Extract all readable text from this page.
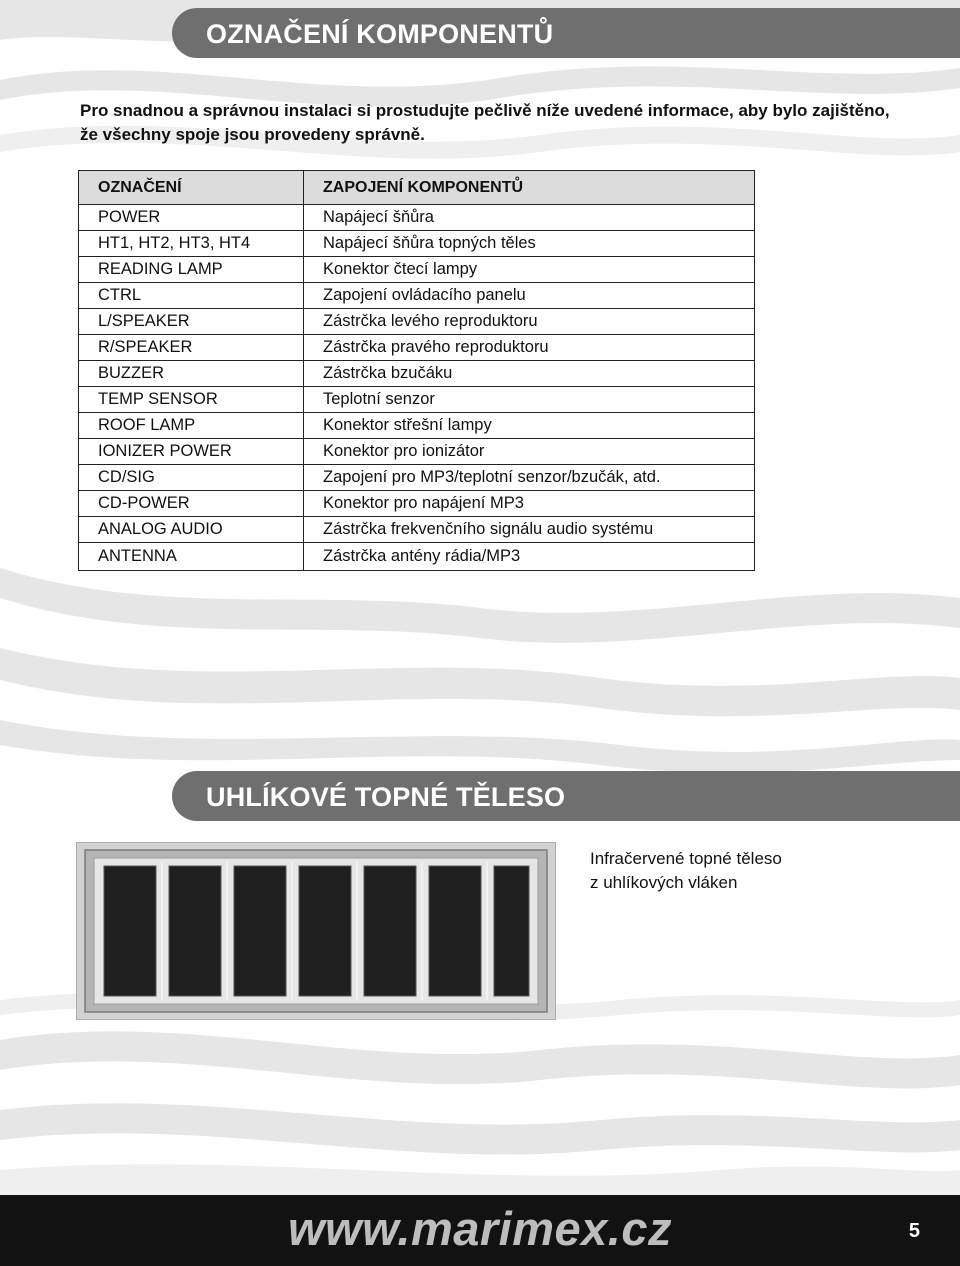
OZNAČENÍ KOMPONENTŮ
Pro snadnou a správnou instalaci si prostudujte pečlivě níže uvedené informace, aby bylo zajištěno, že všechny spoje jsou provedeny správně.
OZNAČENÍ	ZAPOJENÍ KOMPONENTŮ
POWER	Napájecí šňůra
HT1, HT2, HT3, HT4	Napájecí šňůra topných těles
READING LAMP	Konektor čtecí lampy
CTRL	Zapojení ovládacího panelu
L/SPEAKER	Zástrčka levého reproduktoru
R/SPEAKER	Zástrčka pravého reproduktoru
BUZZER	Zástrčka bzučáku
TEMP SENSOR	Teplotní senzor
ROOF LAMP	Konektor střešní lampy
IONIZER POWER	Konektor pro ionizátor
CD/SIG	Zapojení pro MP3/teplotní senzor/bzučák, atd.
CD-POWER	Konektor pro napájení MP3
ANALOG AUDIO	Zástrčka frekvenčního signálu audio systému
ANTENNA	Zástrčka antény rádia/MP3
UHLÍKOVÉ TOPNÉ TĚLESO
Infračervené topné těleso
z uhlíkových vláken
www.marimex.cz	5
